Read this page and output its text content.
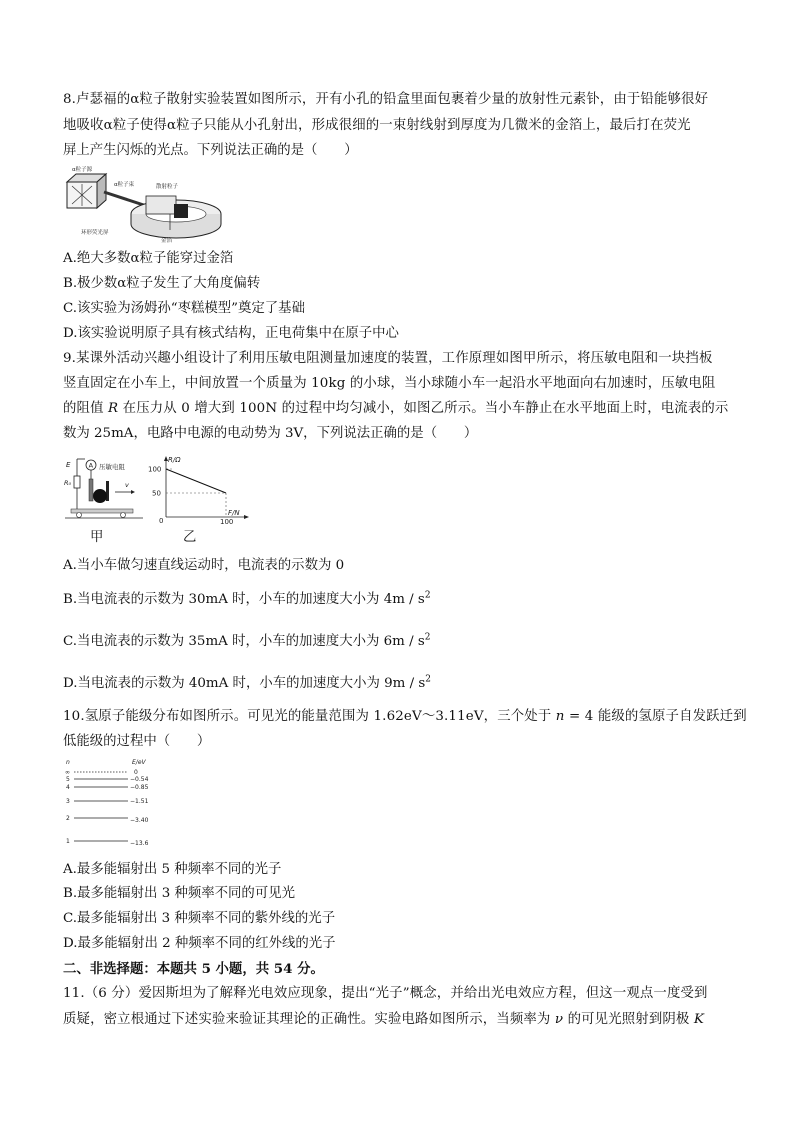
8.卢瑟福的α粒子散射实验装置如图所示，开有小孔的铅盒里面包裹着少量的放射性元素钋，由于铅能够很好
地吸收α粒子使得α粒子只能从小孔射出，形成很细的一束射线射到厚度为几微米的金箔上，最后打在荧光
屏上产生闪烁的光点。下列说法正确的是（　　）
α粒子源
α粒子束	散射粒子
环形荧光屏
金箔
A.绝大多数α粒子能穿过金箔
B.极少数α粒子发生了大角度偏转
C.该实验为汤姆孙“枣糕模型”奠定了基础
D.该实验说明原子具有核式结构，正电荷集中在原子中心
9.某课外活动兴趣小组设计了利用压敏电阻测量加速度的装置，工作原理如图甲所示，将压敏电阻和一块挡板
竖直固定在小车上，中间放置一个质量为 10kg 的小球，当小球随小车一起沿水平地面向右加速时，压敏电阻
的阻值 R 在压力从 0 增大到 100N 的过程中均匀减小，如图乙所示。当小车静止在水平地面上时，电流表的示
数为 25mA，电路中电源的电动势为 3V，下列说法正确的是（　　）
A
E
R₀
压敏电阻
v
甲
R/Ω
F/N
100
50
0	100
乙
A.当小车做匀速直线运动时，电流表的示数为 0
B.当电流表的示数为 30mA 时，小车的加速度大小为 $4m / s^2$
C.当电流表的示数为 35mA 时，小车的加速度大小为 $6m / s^2$
D.当电流表的示数为 40mA 时，小车的加速度大小为 $9m / s^2$
10.氢原子能级分布如图所示。可见光的能量范围为 1.62eV～3.11eV，三个处于 n = 4 能级的氢原子自发跃迁到
低能级的过程中（　　）
n	E/eV
∞	0
5	−0.54
4	−0.85
3	−1.51
2	−3.40
1	−13.6
A.最多能辐射出 5 种频率不同的光子
B.最多能辐射出 3 种频率不同的可见光
C.最多能辐射出 3 种频率不同的紫外线的光子
D.最多能辐射出 2 种频率不同的红外线的光子
二、非选择题：本题共 5 小题，共 54 分。
11.（6 分）爱因斯坦为了解释光电效应现象，提出“光子”概念，并给出光电效应方程，但这一观点一度受到
质疑，密立根通过下述实验来验证其理论的正确性。实验电路如图所示，当频率为 ν 的可见光照射到阴极 K
